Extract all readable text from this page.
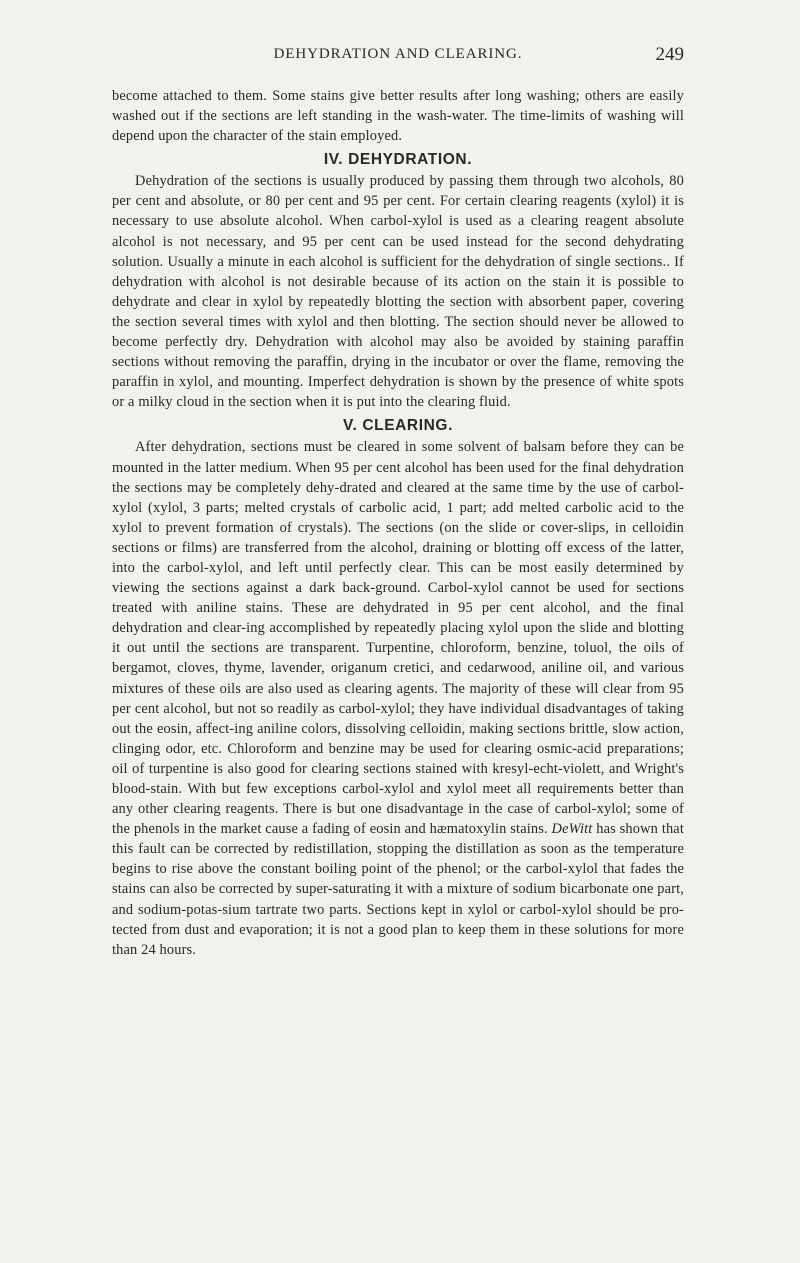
DEHYDRATION AND CLEARING.	249

become attached to them. Some stains give better results after long washing; others are easily washed out if the sections are left standing in the wash-water. The time-limits of washing will depend upon the character of the stain employed.

IV. DEHYDRATION.

Dehydration of the sections is usually produced by passing them through two alcohols, 80 per cent and absolute, or 80 per cent and 95 per cent. For certain clearing reagents (xylol) it is necessary to use absolute alcohol. When carbol-xylol is used as a clearing reagent absolute alcohol is not necessary, and 95 per cent can be used instead for the second dehydrating solution. Usually a minute in each alcohol is sufficient for the dehydration of single sections.. If dehydration with alcohol is not desirable because of its action on the stain it is possible to dehydrate and clear in xylol by repeatedly blotting the section with absorbent paper, covering the section several times with xylol and then blotting. The section should never be allowed to become perfectly dry. Dehydration with alcohol may also be avoided by staining paraffin sections without removing the paraffin, drying in the incubator or over the flame, removing the paraffin in xylol, and mounting. Imperfect dehydration is shown by the presence of white spots or a milky cloud in the section when it is put into the clearing fluid.

V. CLEARING.

After dehydration, sections must be cleared in some solvent of balsam before they can be mounted in the latter medium. When 95 per cent alcohol has been used for the final dehydration the sections may be completely dehy-drated and cleared at the same time by the use of carbol-xylol (xylol, 3 parts; melted crystals of carbolic acid, 1 part; add melted carbolic acid to the xylol to prevent formation of crystals). The sections (on the slide or cover-slips, in celloidin sections or films) are transferred from the alcohol, draining or blotting off excess of the latter, into the carbol-xylol, and left until perfectly clear. This can be most easily determined by viewing the sections against a dark back-ground. Carbol-xylol cannot be used for sections treated with aniline stains. These are dehydrated in 95 per cent alcohol, and the final dehydration and clear-ing accomplished by repeatedly placing xylol upon the slide and blotting it out until the sections are transparent. Turpentine, chloroform, benzine, toluol, the oils of bergamot, cloves, thyme, lavender, origanum cretici, and cedarwood, aniline oil, and various mixtures of these oils are also used as clearing agents. The majority of these will clear from 95 per cent alcohol, but not so readily as carbol-xylol; they have individual disadvantages of taking out the eosin, affect-ing aniline colors, dissolving celloidin, making sections brittle, slow action, clinging odor, etc. Chloroform and benzine may be used for clearing osmic-acid preparations; oil of turpentine is also good for clearing sections stained with kresyl-echt-violett, and Wright's blood-stain. With but few exceptions carbol-xylol and xylol meet all requirements better than any other clearing reagents. There is but one disadvantage in the case of carbol-xylol; some of the phenols in the market cause a fading of eosin and hæmatoxylin stains. DeWitt has shown that this fault can be corrected by redistillation, stopping the distillation as soon as the temperature begins to rise above the constant boiling point of the phenol; or the carbol-xylol that fades the stains can also be corrected by super-saturating it with a mixture of sodium bicarbonate one part, and sodium-potas-sium tartrate two parts. Sections kept in xylol or carbol-xylol should be pro-tected from dust and evaporation; it is not a good plan to keep them in these solutions for more than 24 hours.
